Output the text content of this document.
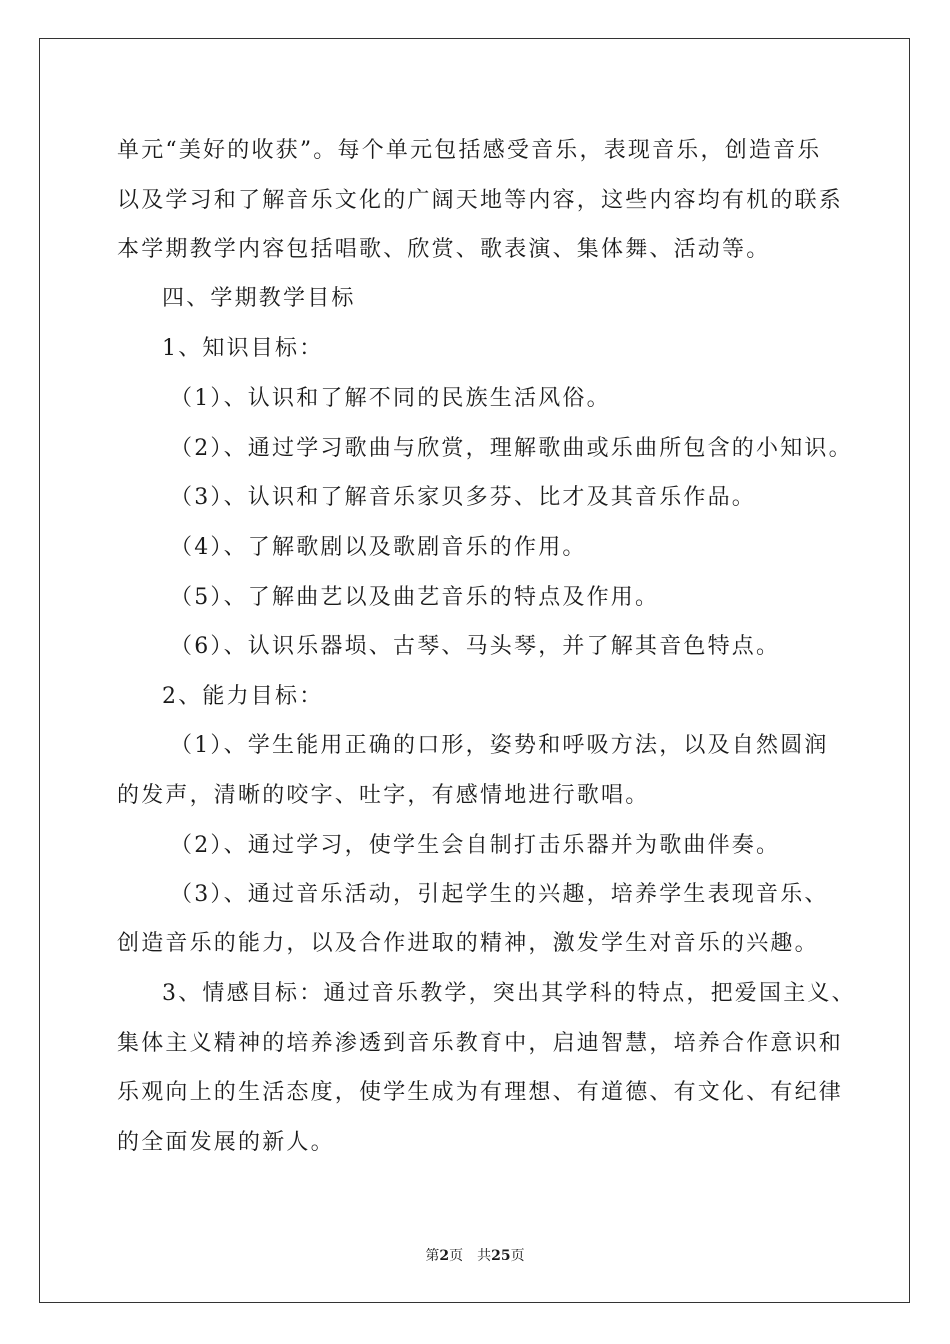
单元“美好的收获”。每个单元包括感受音乐，表现音乐，创造音乐
以及学习和了解音乐文化的广阔天地等内容，这些内容均有机的联系
本学期教学内容包括唱歌、欣赏、歌表演、集体舞、活动等。
四、学期教学目标
1、知识目标：
（1）、认识和了解不同的民族生活风俗。
（2）、通过学习歌曲与欣赏，理解歌曲或乐曲所包含的小知识。
（3）、认识和了解音乐家贝多芬、比才及其音乐作品。
（4）、了解歌剧以及歌剧音乐的作用。
（5）、了解曲艺以及曲艺音乐的特点及作用。
（6）、认识乐器埙、古琴、马头琴，并了解其音色特点。
2、能力目标：
（1）、学生能用正确的口形，姿势和呼吸方法，以及自然圆润
的发声，清晰的咬字、吐字，有感情地进行歌唱。
（2）、通过学习，使学生会自制打击乐器并为歌曲伴奏。
（3）、通过音乐活动，引起学生的兴趣，培养学生表现音乐、
创造音乐的能力，以及合作进取的精神，激发学生对音乐的兴趣。
3、情感目标：通过音乐教学，突出其学科的特点，把爱国主义、
集体主义精神的培养渗透到音乐教育中，启迪智慧，培养合作意识和
乐观向上的生活态度，使学生成为有理想、有道德、有文化、有纪律
的全面发展的新人。
第2页 共25页
